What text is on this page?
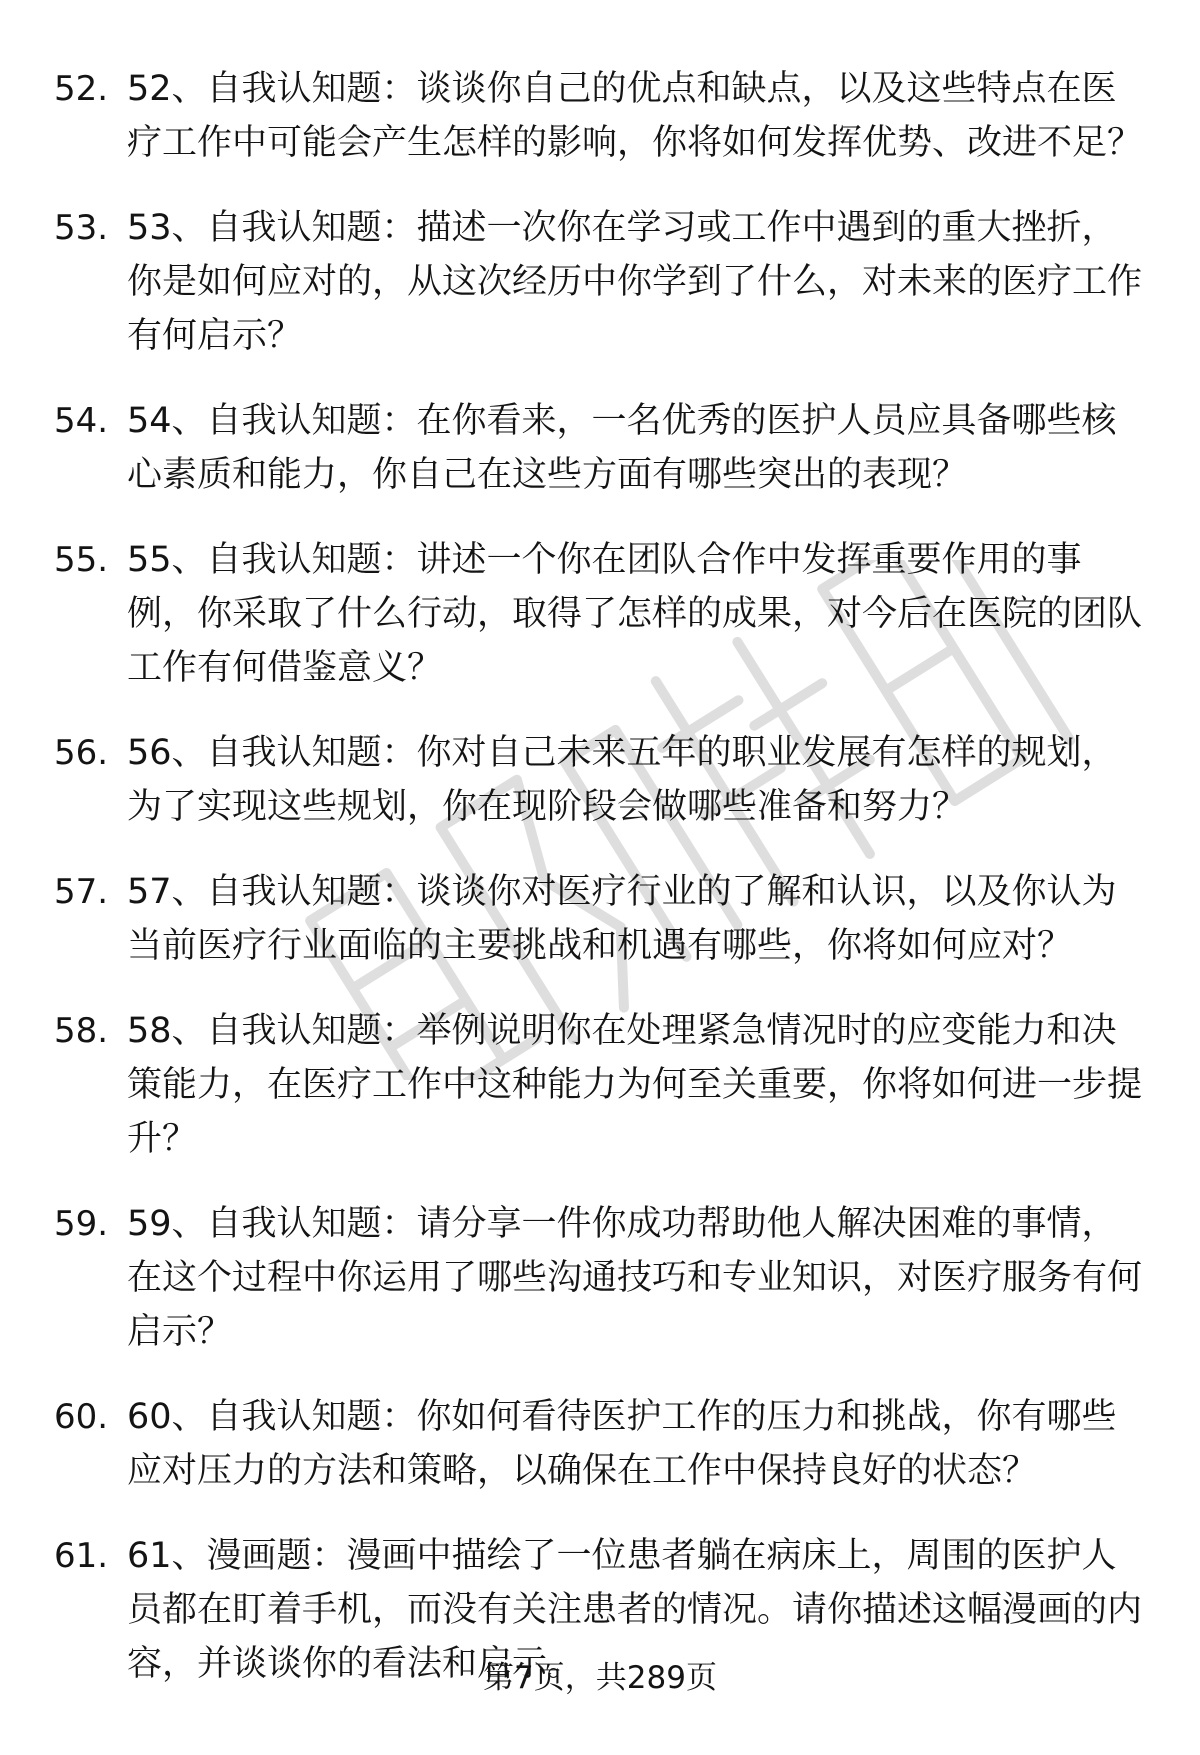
52. 52、自我认知题：谈谈你自己的优点和缺点，以及这些特点在医疗工作中可能会产生怎样的影响，你将如何发挥优势、改进不足？
53. 53、自我认知题：描述一次你在学习或工作中遇到的重大挫折，你是如何应对的，从这次经历中你学到了什么，对未来的医疗工作有何启示？
54. 54、自我认知题：在你看来，一名优秀的医护人员应具备哪些核心素质和能力，你自己在这些方面有哪些突出的表现？
55. 55、自我认知题：讲述一个你在团队合作中发挥重要作用的事例，你采取了什么行动，取得了怎样的成果，对今后在医院的团队工作有何借鉴意义？
56. 56、自我认知题：你对自己未来五年的职业发展有怎样的规划，为了实现这些规划，你在现阶段会做哪些准备和努力？
57. 57、自我认知题：谈谈你对医疗行业的了解和认识，以及你认为当前医疗行业面临的主要挑战和机遇有哪些，你将如何应对？
58. 58、自我认知题：举例说明你在处理紧急情况时的应变能力和决策能力，在医疗工作中这种能力为何至关重要，你将如何进一步提升？
59. 59、自我认知题：请分享一件你成功帮助他人解决困难的事情，在这个过程中你运用了哪些沟通技巧和专业知识，对医疗服务有何启示？
60. 60、自我认知题：你如何看待医护工作的压力和挑战，你有哪些应对压力的方法和策略，以确保在工作中保持良好的状态？
61. 61、漫画题：漫画中描绘了一位患者躺在病床上，周围的医护人员都在盯着手机，而没有关注患者的情况。请你描述这幅漫画的内容，并谈谈你的看法和启示。
第7页，共289页
